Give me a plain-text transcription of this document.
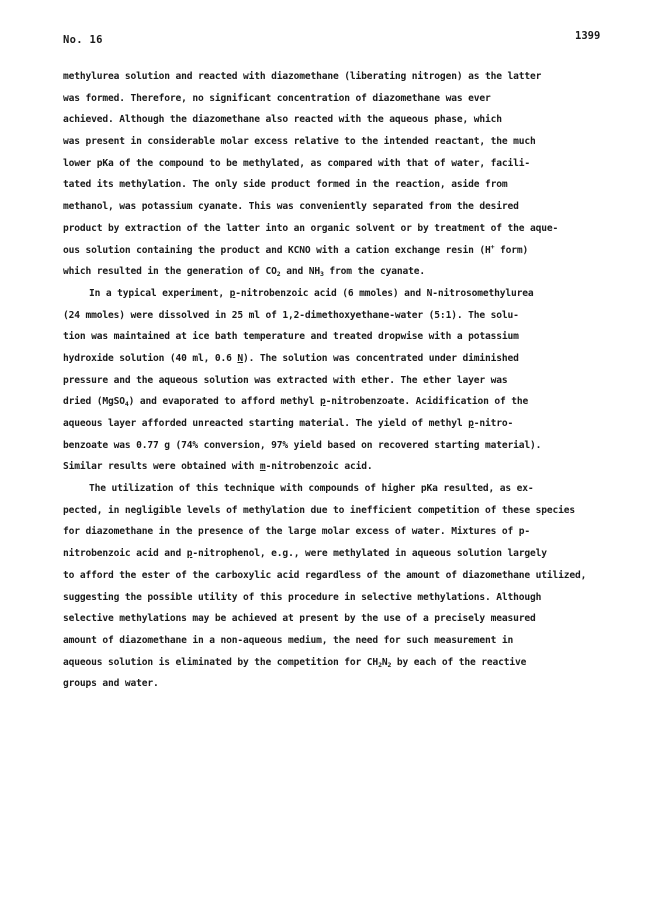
No. 16	1399
methylurea solution and reacted with diazomethane (liberating nitrogen) as the latter
was formed. Therefore, no significant concentration of diazomethane was ever
achieved. Although the diazomethane also reacted with the aqueous phase, which
was present in considerable molar excess relative to the intended reactant, the much
lower pKa of the compound to be methylated, as compared with that of water, facili-
tated its methylation. The only side product formed in the reaction, aside from
methanol, was potassium cyanate. This was conveniently separated from the desired
product by extraction of the latter into an organic solvent or by treatment of the aque-
ous solution containing the product and KCNO with a cation exchange resin (H+ form)
which resulted in the generation of $CO_2$ and $NH_3$ from the cyanate.
In a typical experiment, p-nitrobenzoic acid (6 mmoles) and N-nitrosomethylurea
(24 mmoles) were dissolved in 25 ml of 1,2-dimethoxyethane-water (5:1). The solu-
tion was maintained at ice bath temperature and treated dropwise with a potassium
hydroxide solution (40 ml, 0.6 N). The solution was concentrated under diminished
pressure and the aqueous solution was extracted with ether. The ether layer was
dried (MgSO$_4$) and evaporated to afford methyl p-nitrobenzoate. Acidification of the
aqueous layer afforded unreacted starting material. The yield of methyl p-nitro-
benzoate was 0.77 g (74% conversion, 97% yield based on recovered starting material).
Similar results were obtained with m-nitrobenzoic acid.
The utilization of this technique with compounds of higher pKa resulted, as ex-
pected, in negligible levels of methylation due to inefficient competition of these species
for diazomethane in the presence of the large molar excess of water. Mixtures of p-
nitrobenzoic acid and p-nitrophenol, e.g., were methylated in aqueous solution largely
to afford the ester of the carboxylic acid regardless of the amount of diazomethane utilized,
suggesting the possible utility of this procedure in selective methylations. Although
selective methylations may be achieved at present by the use of a precisely measured
amount of diazomethane in a non-aqueous medium, the need for such measurement in
aqueous solution is eliminated by the competition for $CH_2N_2$ by each of the reactive
groups and water.
